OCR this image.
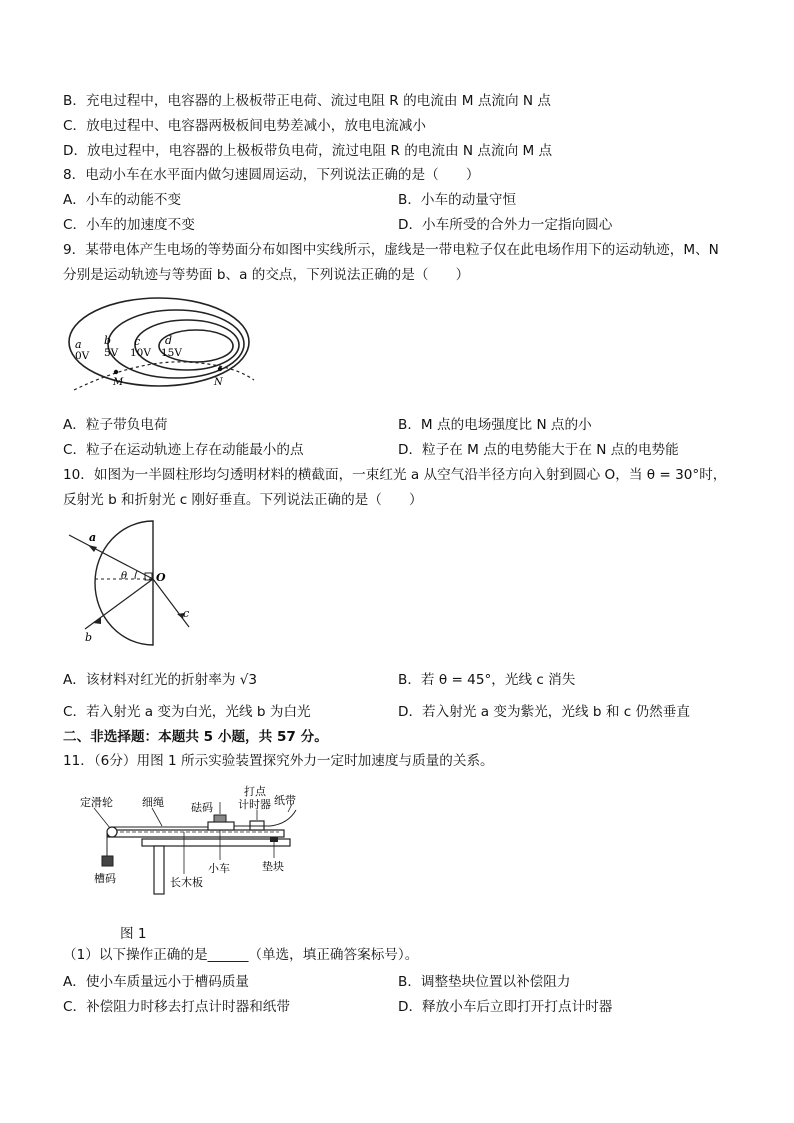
B．充电过程中，电容器的上极板带正电荷、流过电阻 R 的电流由 M 点流向 N 点
C．放电过程中、电容器两极板间电势差减小，放电电流减小
D．放电过程中，电容器的上极板带负电荷，流过电阻 R 的电流由 N 点流向 M 点
8．电动小车在水平面内做匀速圆周运动，下列说法正确的是（　　）
A．小车的动能不变	B．小车的动量守恒
C．小车的加速度不变	D．小车所受的合外力一定指向圆心
9．某带电体产生电场的等势面分布如图中实线所示，虚线是一带电粒子仅在此电场作用下的运动轨迹，M、N
分别是运动轨迹与等势面 b、a 的交点，下列说法正确的是（　　）
a
0V
b
5V
c
10V
d
15V
M	N
A．粒子带负电荷	B．M 点的电场强度比 N 点的小
C．粒子在运动轨迹上存在动能最小的点	D．粒子在 M 点的电势能大于在 N 点的电势能
10．如图为一半圆柱形均匀透明材料的横截面，一束红光 a 从空气沿半径方向入射到圆心 O，当 θ = 30°时，
反射光 b 和折射光 c 刚好垂直。下列说法正确的是（　　）
a
b
c
O
θ
A．该材料对红光的折射率为 √3	B．若 θ = 45°，光线 c 消失
C．若入射光 a 变为白光，光线 b 为白光	D．若入射光 a 变为紫光，光线 b 和 c 仍然垂直
二、非选择题：本题共 5 小题，共 57 分。
11．（6分）用图 1 所示实验装置探究外力一定时加速度与质量的关系。
定滑轮	细绳 砝码
打点
计时器 纸带
槽码	长木板
小车	垫块
图 1
（1）以下操作正确的是______（单选，填正确答案标号）。
A．使小车质量远小于槽码质量	B．调整垫块位置以补偿阻力
C．补偿阻力时移去打点计时器和纸带	D．释放小车后立即打开打点计时器
